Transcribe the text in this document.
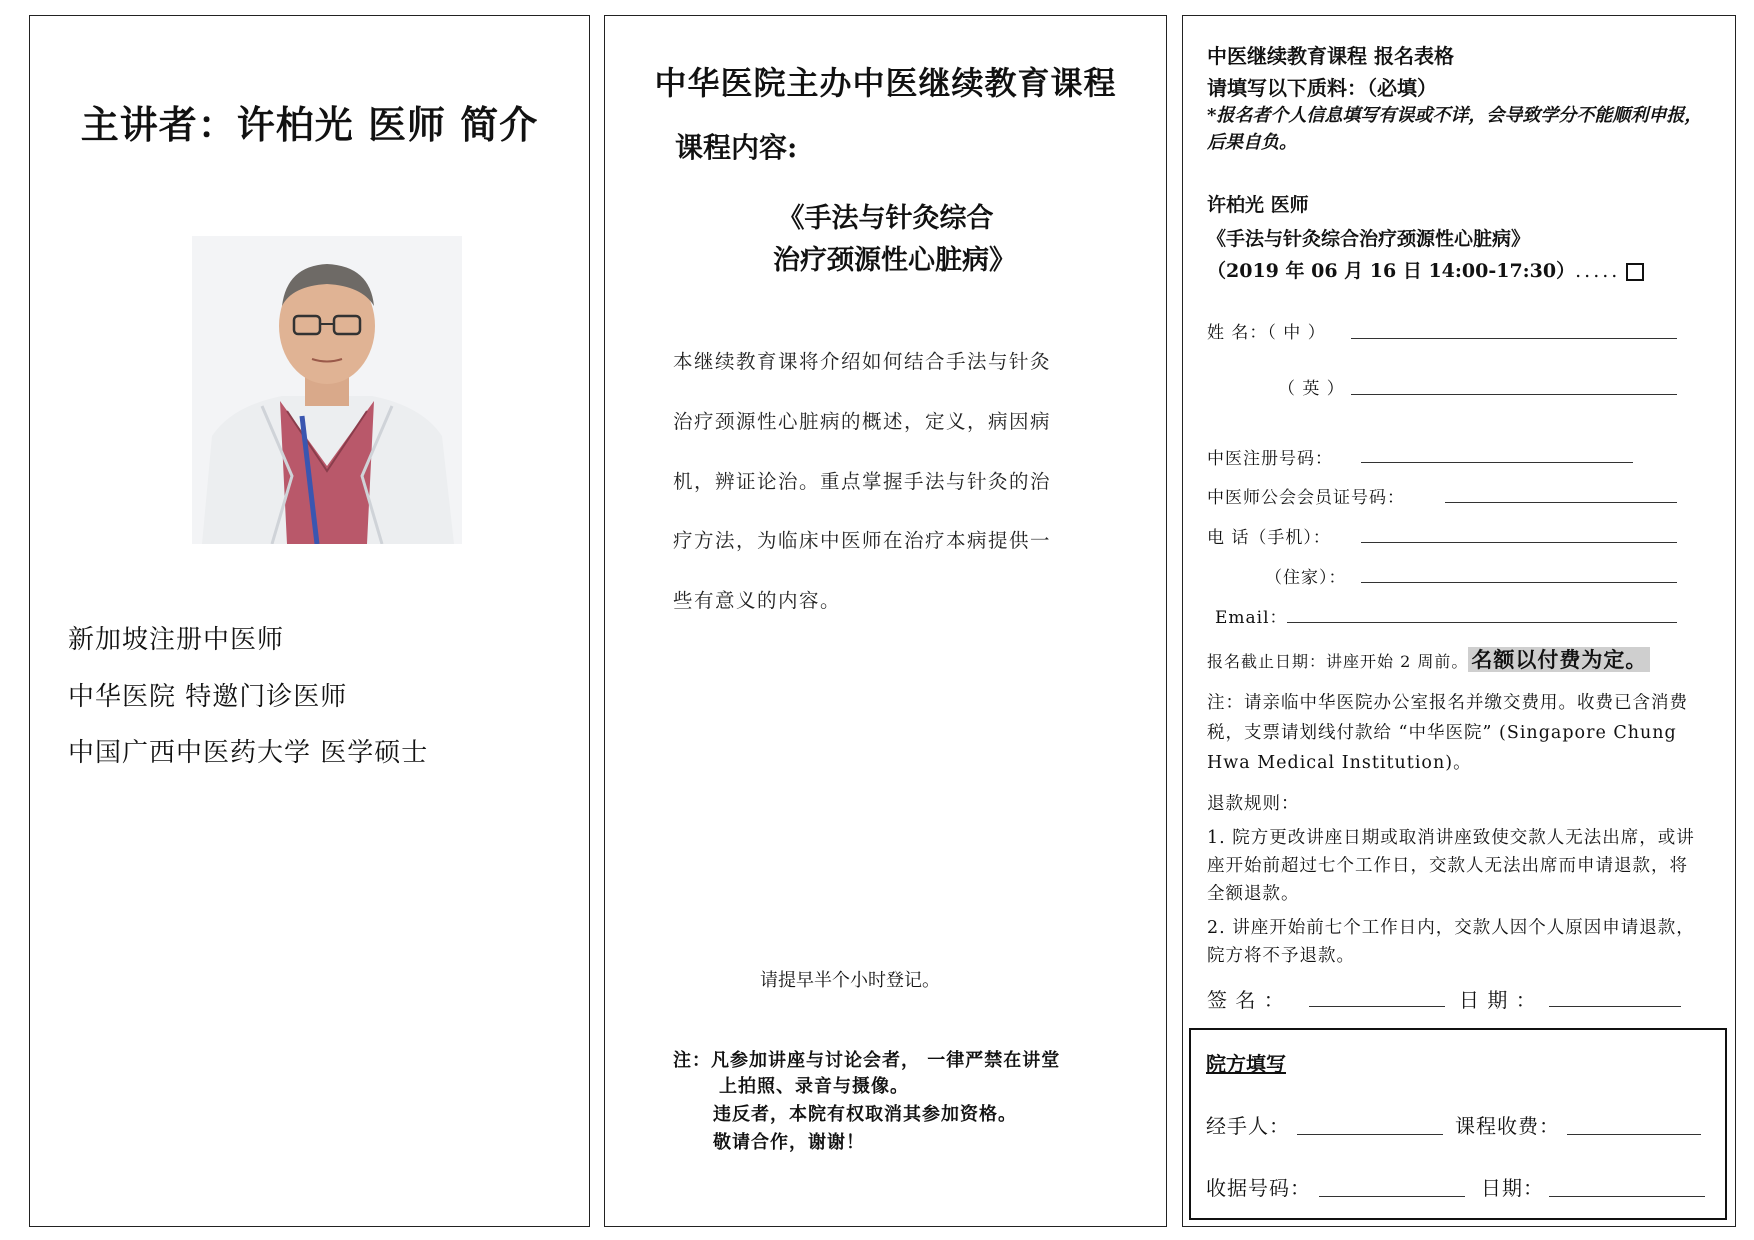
主讲者：许柏光 医师 简介
新加坡注册中医师
中华医院 特邀门诊医师
中国广西中医药大学 医学硕士
中华医院主办中医继续教育课程
课程内容:
《手法与针灸综合
治疗颈源性心脏病》
本继续教育课将介绍如何结合手法与针灸
治疗颈源性心脏病的概述，定义，病因病
机，辨证论治。重点掌握手法与针灸的治
疗方法，为临床中医师在治疗本病提供一
些有意义的内容。
请提早半个小时登记。
注：凡参加讲座与讨论会者， 一律严禁在讲堂
上拍照、录音与摄像。
违反者，本院有权取消其参加资格。
敬请合作，谢谢！
中医继续教育课程 报名表格
请填写以下质料：（必填）
*报名者个人信息填写有误或不详，会导致学分不能顺利申报，后果自负。
许柏光 医师
《手法与针灸综合治疗颈源性心脏病》
（2019 年 06 月 16 日 14:00-17:30）.....
姓 名：（ 中 ）
（ 英 ）
中医注册号码：
中医师公会会员证号码：
电 话（手机）：
（住家）：
Email：
报名截止日期：讲座开始 2 周前。 名额以付费为定。
注：请亲临中华医院办公室报名并缴交费用。收费已含消费税，支票请划线付款给 “中华医院” (Singapore Chung Hwa Medical Institution)。
退款规则：
1. 院方更改讲座日期或取消讲座致使交款人无法出席，或讲座开始前超过七个工作日，交款人无法出席而申请退款，将全额退款。
2. 讲座开始前七个工作日内，交款人因个人原因申请退款，院方将不予退款。
签 名 ：	日 期 ：
院方填写
经手人：	课程收费：
收据号码：	日期：
